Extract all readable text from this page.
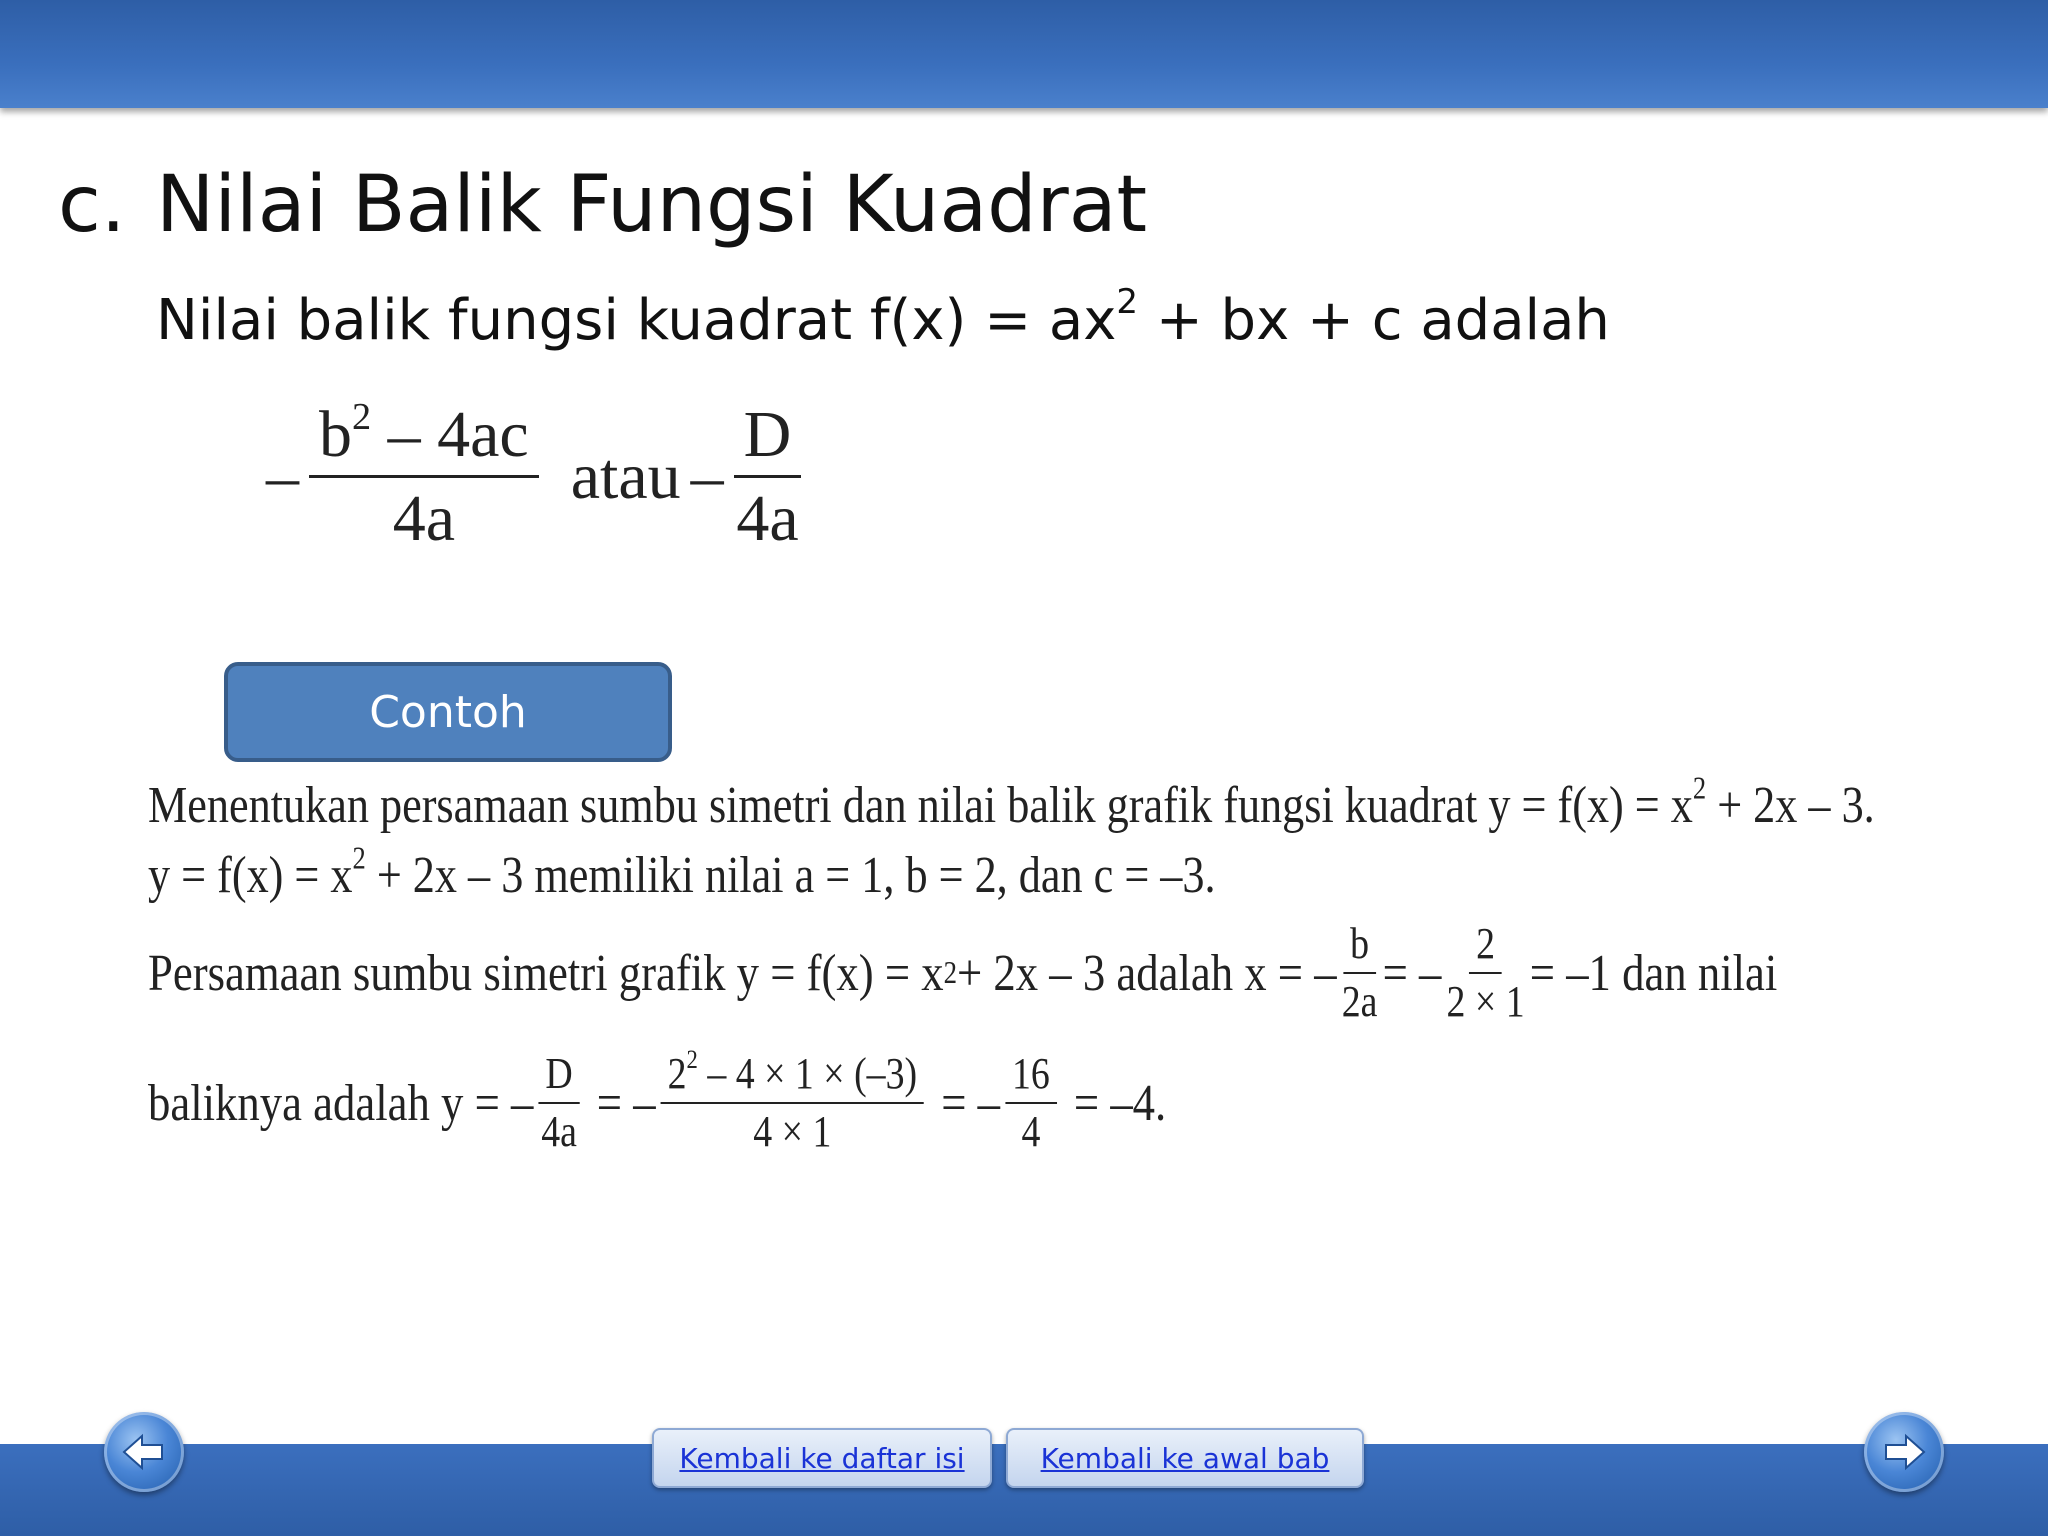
c. Nilai Balik Fungsi Kuadrat

Nilai balik fungsi kuadrat $f(x) = ax^2$ + bx + c adalah

– $\frac{b^2 - 4ac}{4a}$ atau – $\frac{D}{4a}$
Contoh
Menentukan persamaan sumbu simetri dan nilai balik grafik fungsi kuadrat $y = f(x) = x^2 + 2x - 3$.
$y = f(x) = x^2 + 2x - 3$ memiliki nilai a = 1, b = 2, dan c = –3.
Persamaan sumbu simetri grafik y = f(x) = x 2 + 2x – 3 adalah x = – $\frac{b}{2a}$ = – $\frac{2}{2 \times 1} = -1$ dan nilai
baliknya adalah y = – $\frac{D}{4a}$ = – $\frac{2^2 - 4 \times 1 \times (-3)}{4 \times 1}$ = – $\frac{16}{4} = -4$.
Kembali ke daftar isi	Kembali ke awal bab
